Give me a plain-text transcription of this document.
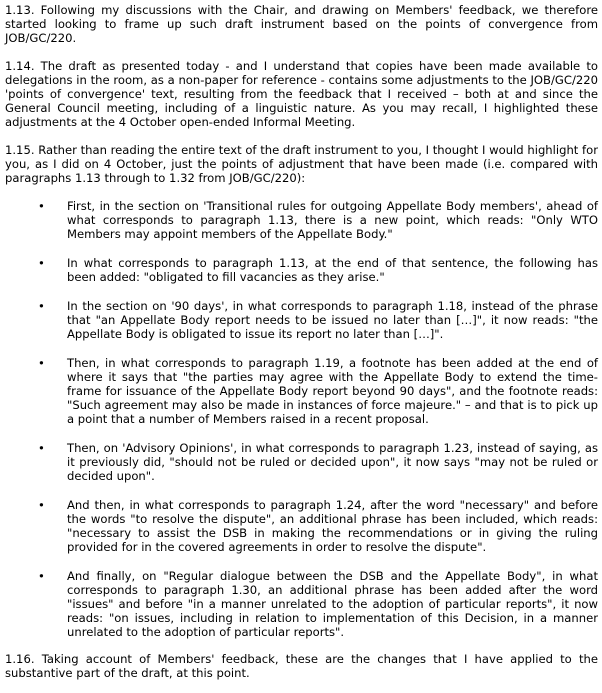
1.13. Following my discussions with the Chair, and drawing on Members' feedback, we therefore started looking to frame up such draft instrument based on the points of convergence from JOB/GC/220.

1.14. The draft as presented today - and I understand that copies have been made available to delegations in the room, as a non-paper for reference - contains some adjustments to the JOB/GC/220 'points of convergence' text, resulting from the feedback that I received – both at and since the General Council meeting, including of a linguistic nature. As you may recall, I highlighted these adjustments at the 4 October open-ended Informal Meeting.

1.15. Rather than reading the entire text of the draft instrument to you, I thought I would highlight for you, as I did on 4 October, just the points of adjustment that have been made (i.e. compared with paragraphs 1.13 through to 1.32 from JOB/GC/220):

• First, in the section on 'Transitional rules for outgoing Appellate Body members', ahead of what corresponds to paragraph 1.13, there is a new point, which reads: "Only WTO Members may appoint members of the Appellate Body."
• In what corresponds to paragraph 1.13, at the end of that sentence, the following has been added: "obligated to fill vacancies as they arise."
• In the section on '90 days', in what corresponds to paragraph 1.18, instead of the phrase that "an Appellate Body report needs to be issued no later than […]", it now reads: "the Appellate Body is obligated to issue its report no later than […]".
• Then, in what corresponds to paragraph 1.19, a footnote has been added at the end of where it says that "the parties may agree with the Appellate Body to extend the time-frame for issuance of the Appellate Body report beyond 90 days", and the footnote reads: "Such agreement may also be made in instances of force majeure." – and that is to pick up a point that a number of Members raised in a recent proposal.
• Then, on 'Advisory Opinions', in what corresponds to paragraph 1.23, instead of saying, as it previously did, "should not be ruled or decided upon", it now says "may not be ruled or decided upon".
• And then, in what corresponds to paragraph 1.24, after the word "necessary" and before the words "to resolve the dispute", an additional phrase has been included, which reads: "necessary to assist the DSB in making the recommendations or in giving the ruling provided for in the covered agreements in order to resolve the dispute".
• And finally, on "Regular dialogue between the DSB and the Appellate Body", in what corresponds to paragraph 1.30, an additional phrase has been added after the word "issues" and before "in a manner unrelated to the adoption of particular reports", it now reads: "on issues, including in relation to implementation of this Decision, in a manner unrelated to the adoption of particular reports".

1.16. Taking account of Members' feedback, these are the changes that I have applied to the substantive part of the draft, at this point.
